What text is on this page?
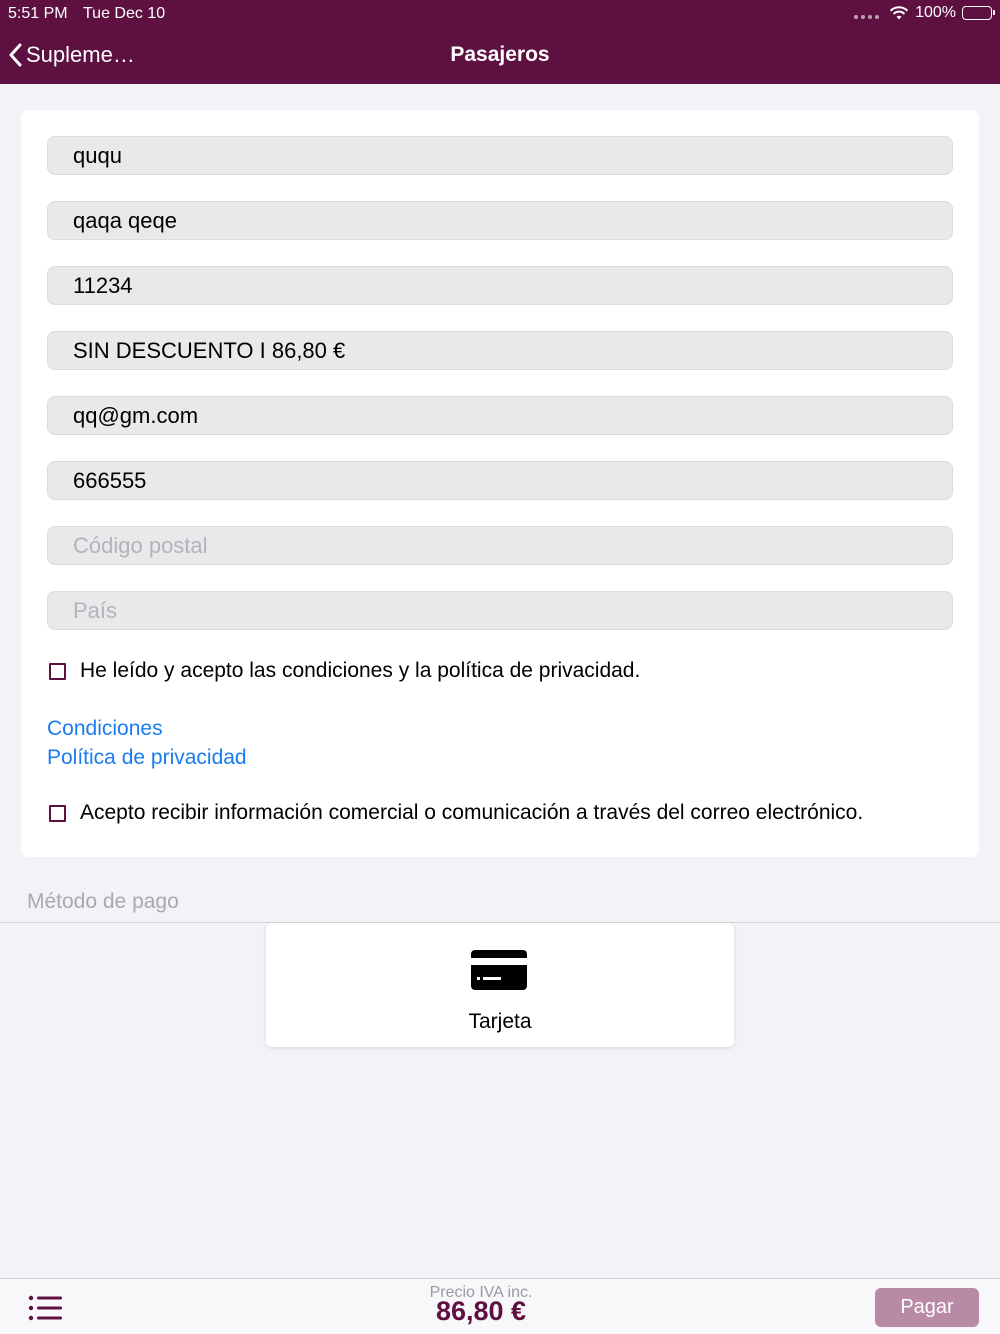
5:51 PM Tue Dec 10	100%
Suplemе…	Pasajeros
ququ
qaqa qeqe
11234
SIN DESCUENTO I 86,80 €
qq@gm.com
666555
Código postal
País
He leído y acepto las condiciones y la política de privacidad.
Condiciones
Política de privacidad
Acepto recibir información comercial o comunicación a través del correo electrónico.
Método de pago
Tarjeta
Precio IVA inc.
86,80 €	Pagar
